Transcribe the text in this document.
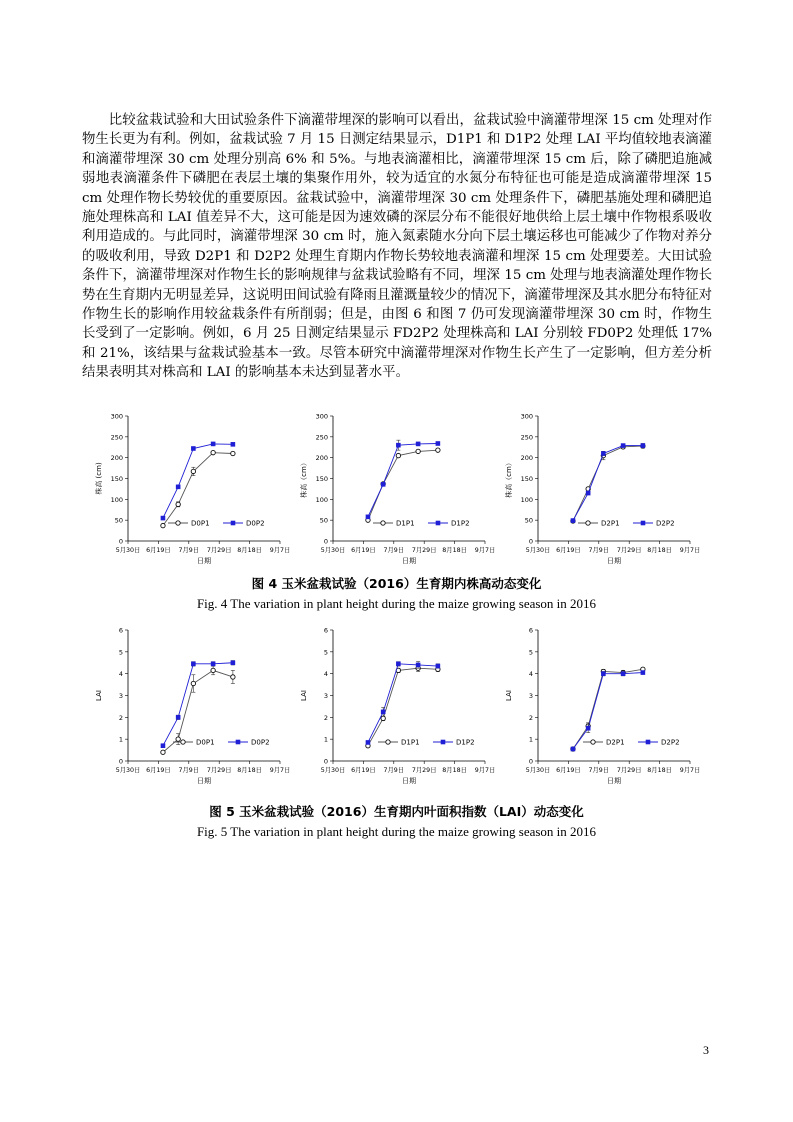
比较盆栽试验和大田试验条件下滴灌带埋深的影响可以看出，盆栽试验中滴灌带埋深 15 cm 处理对作物生长更为有利。例如，盆栽试验 7 月 15 日测定结果显示，D1P1 和 D1P2 处理 LAI 平均值较地表滴灌和滴灌带埋深 30 cm 处理分别高 6% 和 5%。与地表滴灌相比，滴灌带埋深 15 cm 后，除了磷肥追施减弱地表滴灌条件下磷肥在表层土壤的集聚作用外，较为适宜的水氮分布特征也可能是造成滴灌带埋深 15 cm 处理作物长势较优的重要原因。盆栽试验中，滴灌带埋深 30 cm 处理条件下，磷肥基施处理和磷肥追施处理株高和 LAI 值差异不大，这可能是因为速效磷的深层分布不能很好地供给上层土壤中作物根系吸收利用造成的。与此同时，滴灌带埋深 30 cm 时，施入氮素随水分向下层土壤运移也可能减少了作物对养分的吸收利用，导致 D2P1 和 D2P2 处理生育期内作物长势较地表滴灌和埋深 15 cm 处理要差。大田试验条件下，滴灌带埋深对作物生长的影响规律与盆栽试验略有不同，埋深 15 cm 处理与地表滴灌处理作物长势在生育期内无明显差异，这说明田间试验有降雨且灌溉量较少的情况下，滴灌带埋深及其水肥分布特征对作物生长的影响作用较盆栽条件有所削弱；但是，由图 6 和图 7 仍可发现滴灌带埋深 30 cm 时，作物生长受到了一定影响。例如，6 月 25 日测定结果显示 FD2P2 处理株高和 LAI 分别较 FD0P2 处理低 17% 和 21%，该结果与盆栽试验基本一致。尽管本研究中滴灌带埋深对作物生长产生了一定影响，但方差分析结果表明其对株高和 LAI 的影响基本未达到显著水平。

0
50
100
150
200
250
300
5月30日 6月19日 7月9日 7月29日 8月18日 9月7日
日期
株高 (cm)
D0P1	D0P2
0
50
100
150
200
250
300
5月30日 6月19日 7月9日 7月29日 8月18日 9月7日
日期
株高（cm）
D1P1	D1P2
0
50
100
150
200
250
300
5月30日 6月19日 7月9日 7月29日 8月18日 9月7日
日期
株高（cm）
D2P1	D2P2

图 4 玉米盆栽试验（2016）生育期内株高动态变化

Fig. 4 The variation in plant height during the maize growing season in 2016

0
1
2
3
4
5
6
5月30日 6月19日 7月9日 7月29日 8月18日 9月7日
日期
LAI
D0P1	D0P2
0
1
2
3
4
5
6
5月30日 6月19日 7月9日 7月29日 8月18日 9月7日
日期
LAI
D1P1	D1P2
0
1
2
3
4
5
6
5月30日 6月19日 7月9日 7月29日 8月18日 9月7日
日期
LAI
D2P1	D2P2

图 5 玉米盆栽试验（2016）生育期内叶面积指数（LAI）动态变化

Fig. 5 The variation in plant height during the maize growing season in 2016

3
